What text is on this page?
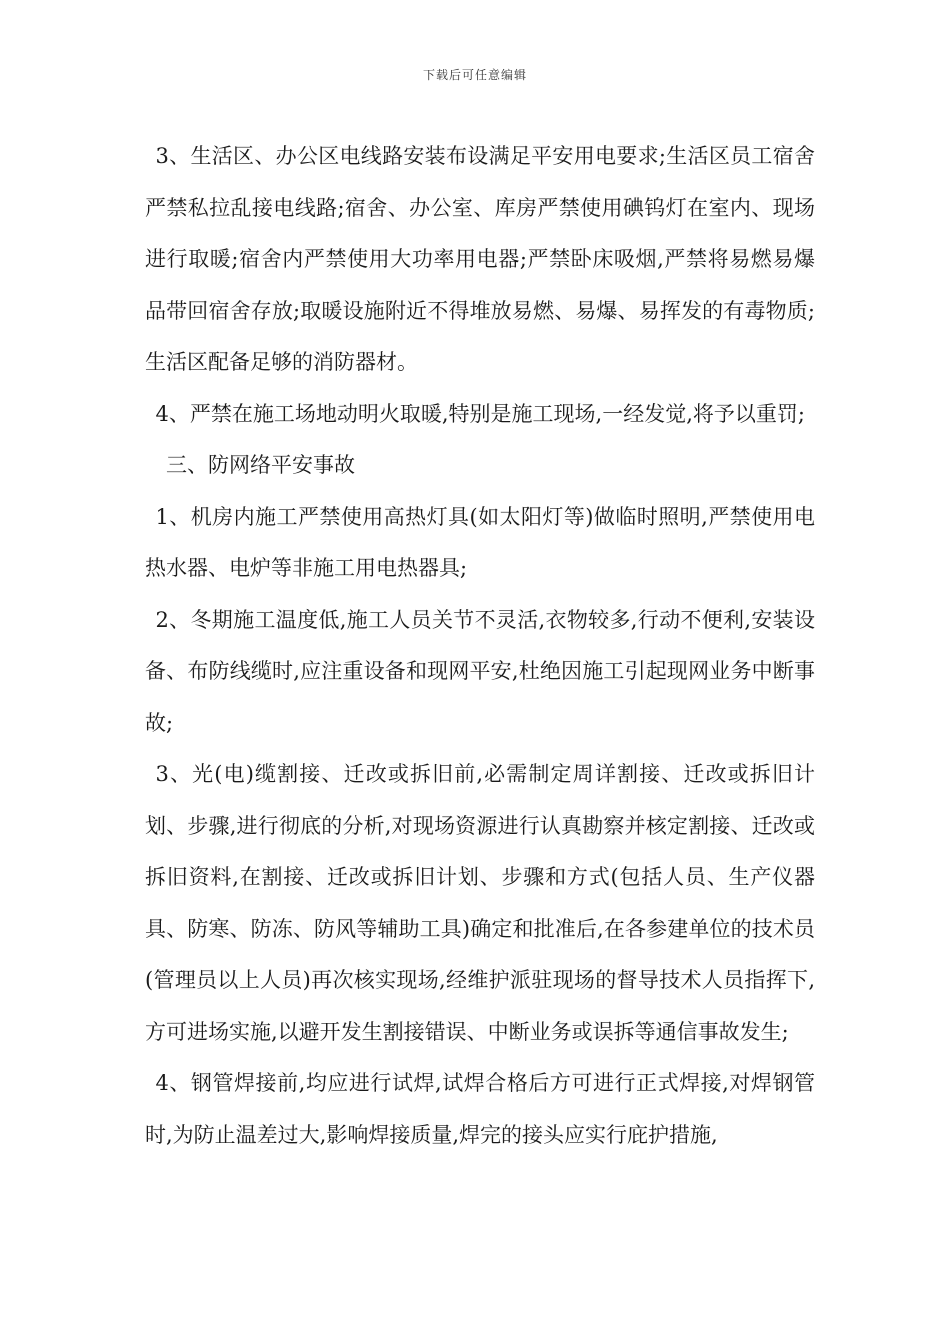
下载后可任意编辑

3、生活区、办公区电线路安装布设满足平安用电要求;生活区员工宿舍严禁私拉乱接电线路;宿舍、办公室、库房严禁使用碘钨灯在室内、现场进行取暖;宿舍内严禁使用大功率用电器;严禁卧床吸烟,严禁将易燃易爆品带回宿舍存放;取暖设施附近不得堆放易燃、易爆、易挥发的有毒物质;生活区配备足够的消防器材。

4、严禁在施工场地动明火取暖,特别是施工现场,一经发觉,将予以重罚;

三、防网络平安事故

1、机房内施工严禁使用高热灯具(如太阳灯等)做临时照明,严禁使用电热水器、电炉等非施工用电热器具;

2、冬期施工温度低,施工人员关节不灵活,衣物较多,行动不便利,安装设备、布防线缆时,应注重设备和现网平安,杜绝因施工引起现网业务中断事故;

3、光(电)缆割接、迁改或拆旧前,必需制定周详割接、迁改或拆旧计划、步骤,进行彻底的分析,对现场资源进行认真勘察并核定割接、迁改或拆旧资料,在割接、迁改或拆旧计划、步骤和方式(包括人员、生产仪器具、防寒、防冻、防风等辅助工具)确定和批准后,在各参建单位的技术员(管理员以上人员)再次核实现场,经维护派驻现场的督导技术人员指挥下,方可进场实施,以避开发生割接错误、中断业务或误拆等通信事故发生;

4、钢管焊接前,均应进行试焊,试焊合格后方可进行正式焊接,对焊钢管时,为防止温差过大,影响焊接质量,焊完的接头应实行庇护措施,
